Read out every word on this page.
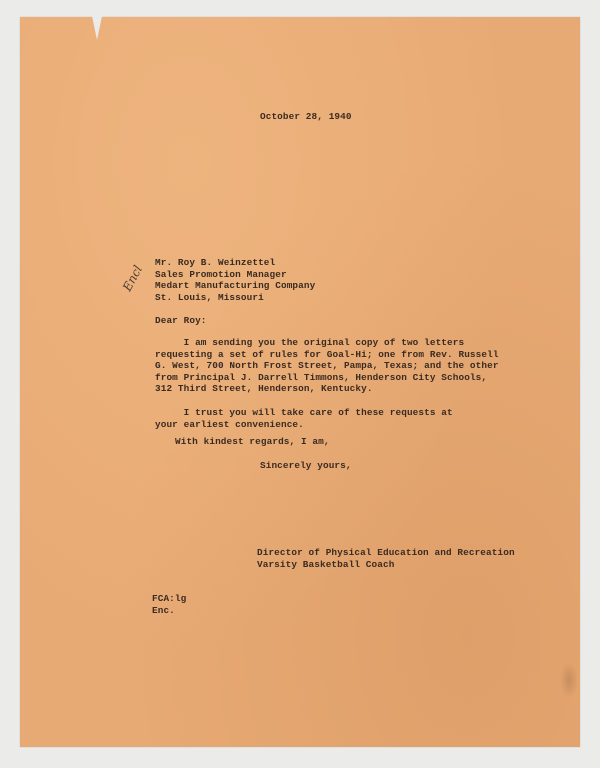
October 28, 1940

Mr. Roy B. Weinzettel
Sales Promotion Manager
Medart Manufacturing Company
St. Louis, Missouri
Encl

Dear Roy:

I am sending you the original copy of two letters
requesting a set of rules for Goal-Hi; one from Rev. Russell
G. West, 700 North Frost Street, Pampa, Texas; and the other
from Principal J. Darrell Timmons, Henderson City Schools,
312 Third Street, Henderson, Kentucky.
I trust you will take care of these requests at
your earliest convenience.

With kindest regards, I am,

Sincerely yours,

Director of Physical Education and Recreation
Varsity Basketball Coach
FCA:lg
Enc.
